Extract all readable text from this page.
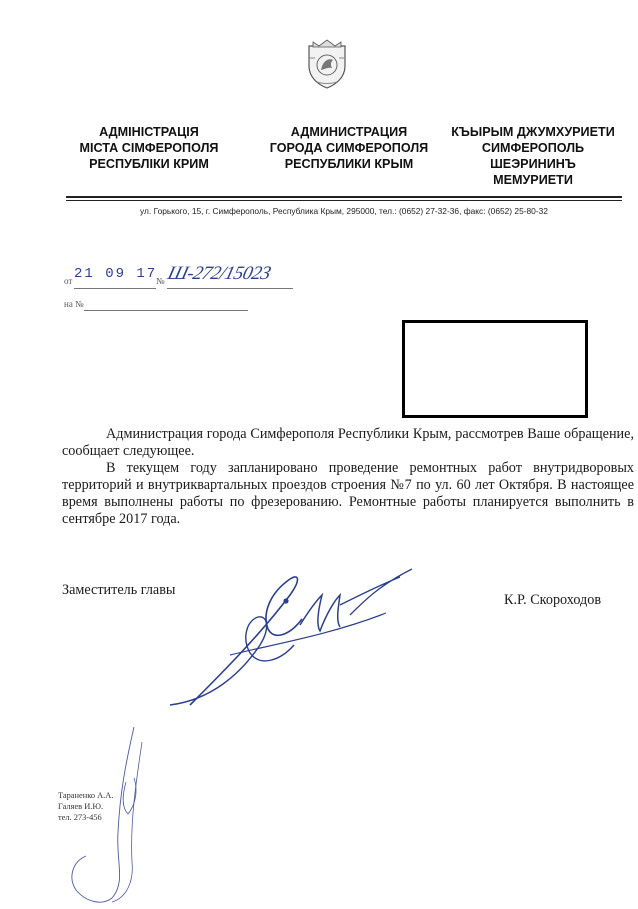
АДМІНІСТРАЦІЯ
МІСТА СІМФЕРОПОЛЯ
РЕСПУБЛІКИ КРИМ
АДМИНИСТРАЦИЯ
ГОРОДА СИМФЕРОПОЛЯ
РЕСПУБЛИКИ КРЫМ
КЪЫРЫМ ДЖУМХУРИЕТИ
СИМФЕРОПОЛЬ
ШЕЭРИНИНЪ
МЕМУРИЕТИ
ул. Горького, 15, г. Симферополь, Республика Крым, 295000, тел.: (0652) 27-32-36, факс: (0652) 25-80-32
от 21 09 17
№ Ш-272/15023
на №

Администрация города Симферополя Республики Крым, рассмотрев Ваше обращение, сообщает следующее.

В текущем году запланировано проведение ремонтных работ внутридворовых территорий и внутриквартальных проездов строения №7 по ул. 60 лет Октября. В настоящее время выполнены работы по фрезерованию. Ремонтные работы планируется выполнить в сентябре 2017 года.

Заместитель главы
К.Р. Скороходов
Тараненко А.А.
Галяев И.Ю.
тел. 273-456
